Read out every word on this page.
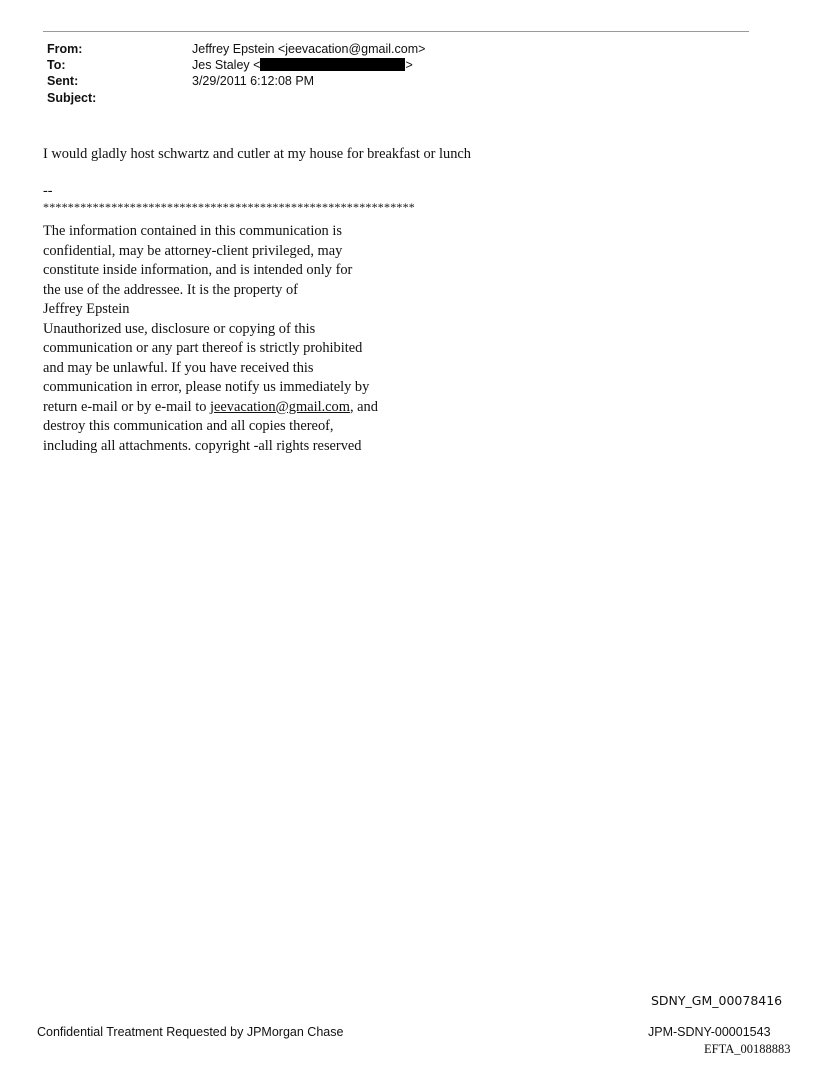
From:
To:
Sent:
Subject:
Jeffrey Epstein <jeevacation@gmail.com>
Jes Staley <	>
3/29/2011 6:12:08 PM
I would gladly host schwartz and cutler at my house for breakfast or lunch
--
************************************************************
The information contained in this communication is
confidential, may be attorney-client privileged, may
constitute inside information, and is intended only for
the use of the addressee. It is the property of
Jeffrey Epstein
Unauthorized use, disclosure or copying of this
communication or any part thereof is strictly prohibited
and may be unlawful. If you have received this
communication in error, please notify us immediately by
return e-mail or by e-mail to jeevacation@gmail.com, and
destroy this communication and all copies thereof,
including all attachments. copyright -all rights reserved
SDNY_GM_00078416
Confidential Treatment Requested by JPMorgan Chase	JPM-SDNY-00001543
EFTA_00188883
